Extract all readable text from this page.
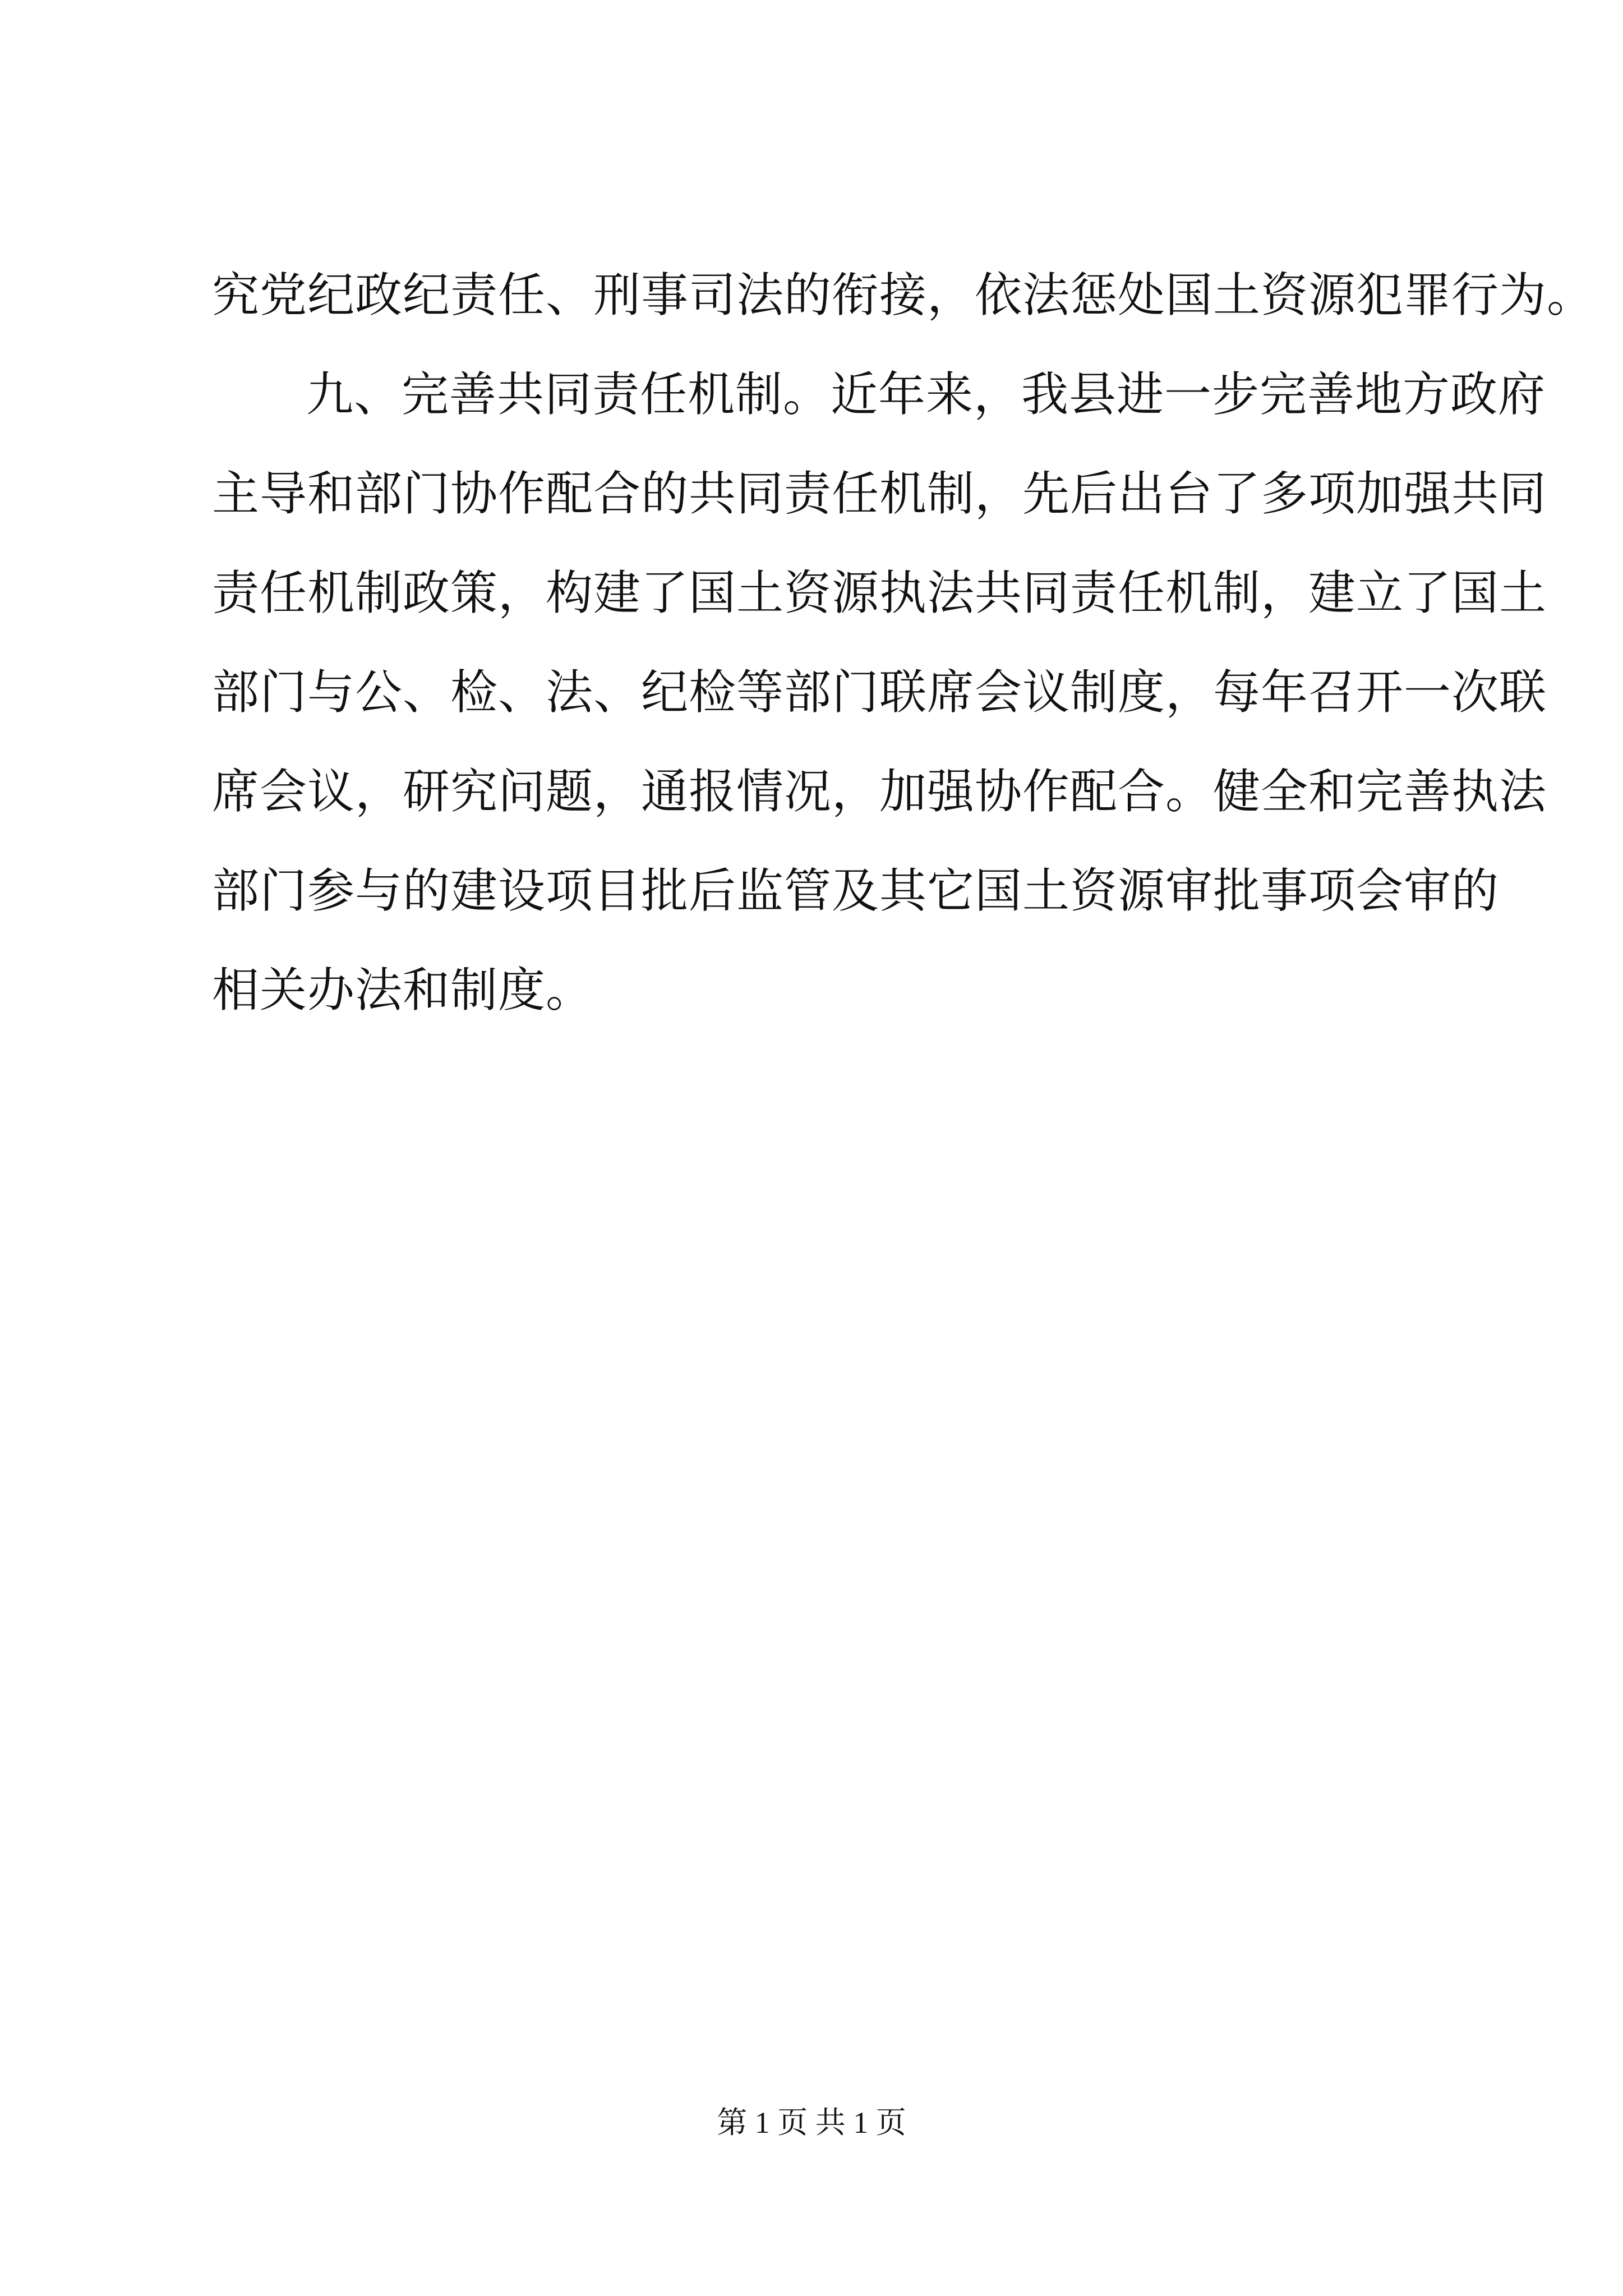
究党纪政纪责任、刑事司法的衔接，依法惩处国土资源犯罪行为。
九、完善共同责任机制。近年来，我县进一步完善地方政府
主导和部门协作配合的共同责任机制，先后出台了多项加强共同
责任机制政策，构建了国土资源执法共同责任机制，建立了国土
部门与公、检、法、纪检等部门联席会议制度，每年召开一次联
席会议，研究问题，通报情况，加强协作配合。健全和完善执法
部门参与的建设项目批后监管及其它国土资源审批事项会审的
相关办法和制度。
第 1 页 共 1 页
